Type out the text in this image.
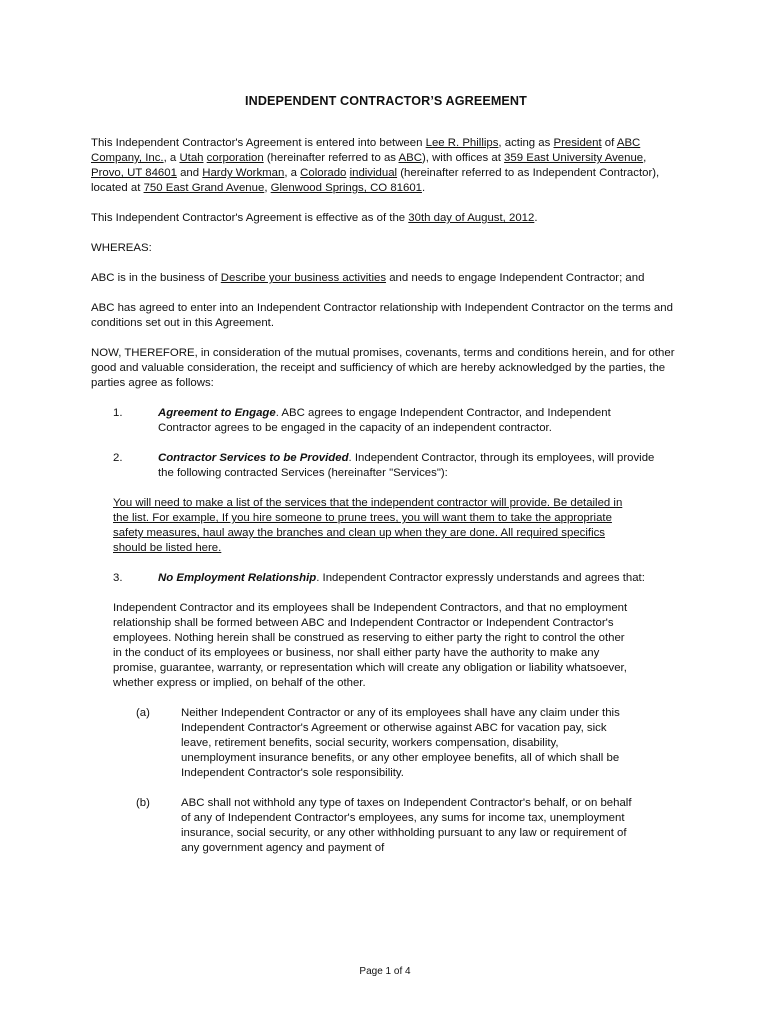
INDEPENDENT CONTRACTOR’S AGREEMENT

This Independent Contractor's Agreement is entered into between Lee R. Phillips, acting as President of ABC Company, Inc., a Utah corporation (hereinafter referred to as ABC), with offices at 359 East University Avenue, Provo, UT 84601 and Hardy Workman, a Colorado individual (hereinafter referred to as Independent Contractor), located at 750 East Grand Avenue, Glenwood Springs, CO 81601.

This Independent Contractor's Agreement is effective as of the 30th day of August, 2012.

WHEREAS:

ABC is in the business of Describe your business activities and needs to engage Independent Contractor; and

ABC has agreed to enter into an Independent Contractor relationship with Independent Contractor on the terms and conditions set out in this Agreement.

NOW, THEREFORE, in consideration of the mutual promises, covenants, terms and conditions herein, and for other good and valuable consideration, the receipt and sufficiency of which are hereby acknowledged by the parties, the parties agree as follows:

1.	Agreement to Engage. ABC agrees to engage Independent Contractor, and Independent Contractor agrees to be engaged in the capacity of an independent contractor.
2.	Contractor Services to be Provided. Independent Contractor, through its employees, will provide the following contracted Services (hereinafter "Services"):

You will need to make a list of the services that the independent contractor will provide. Be detailed in the list. For example, If you hire someone to prune trees, you will want them to take the appropriate safety measures, haul away the branches and clean up when they are done. All required specifics should be listed here.

3.	No Employment Relationship. Independent Contractor expressly understands and agrees that:

Independent Contractor and its employees shall be Independent Contractors, and that no employment relationship shall be formed between ABC and Independent Contractor or Independent Contractor's employees. Nothing herein shall be construed as reserving to either party the right to control the other in the conduct of its employees or business, nor shall either party have the authority to make any promise, guarantee, warranty, or representation which will create any obligation or liability whatsoever, whether express or implied, on behalf of the other.

(a)	Neither Independent Contractor or any of its employees shall have any claim under this Independent Contractor's Agreement or otherwise against ABC for vacation pay, sick leave, retirement benefits, social security, workers compensation, disability, unemployment insurance benefits, or any other employee benefits, all of which shall be Independent Contractor's sole responsibility.
(b)	ABC shall not withhold any type of taxes on Independent Contractor's behalf, or on behalf of any of Independent Contractor's employees, any sums for income tax, unemployment insurance, social security, or any other withholding pursuant to any law or requirement of any government agency and payment of
Page 1 of 4
